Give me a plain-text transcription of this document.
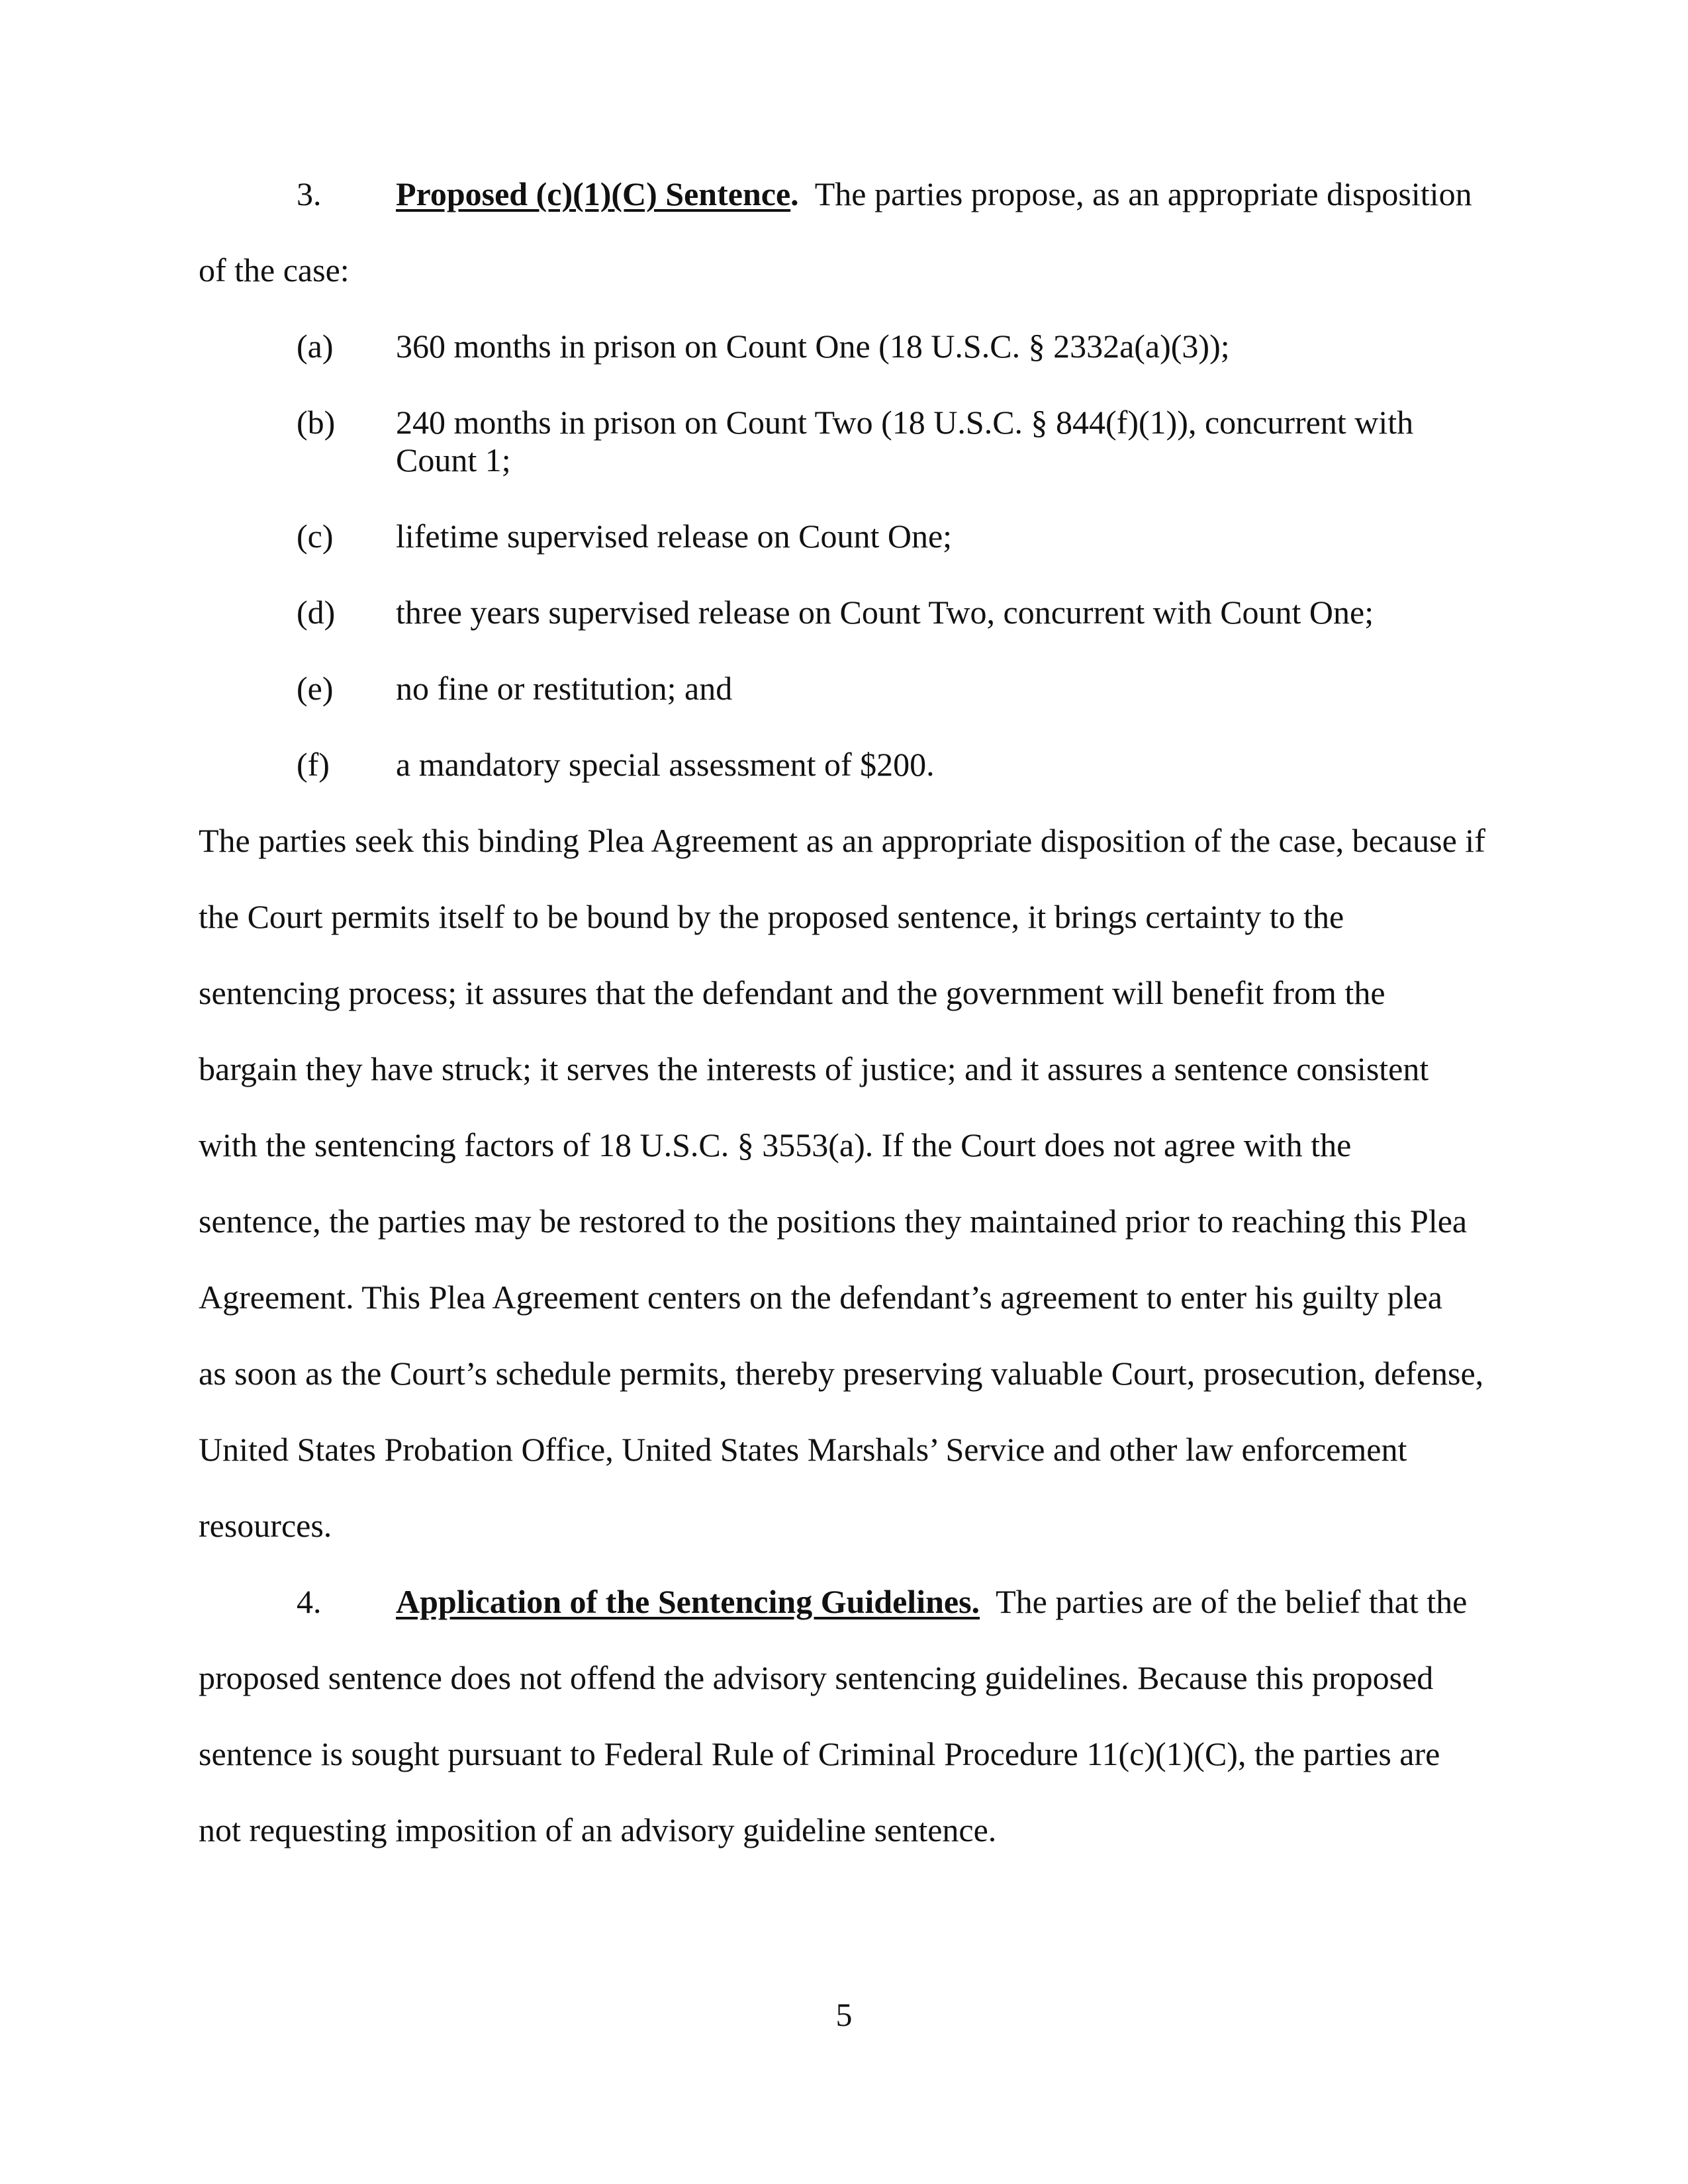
3. Proposed (c)(1)(C) Sentence. The parties propose, as an appropriate disposition
of the case:
(a) 360 months in prison on Count One (18 U.S.C. § 2332a(a)(3));
(b) 240 months in prison on Count Two (18 U.S.C. § 844(f)(1)), concurrent with
Count 1;
(c) lifetime supervised release on Count One;
(d) three years supervised release on Count Two, concurrent with Count One;
(e) no fine or restitution; and
(f) a mandatory special assessment of $200.
The parties seek this binding Plea Agreement as an appropriate disposition of the case, because if
the Court permits itself to be bound by the proposed sentence, it brings certainty to the
sentencing process; it assures that the defendant and the government will benefit from the
bargain they have struck; it serves the interests of justice; and it assures a sentence consistent
with the sentencing factors of 18 U.S.C. § 3553(a). If the Court does not agree with the
sentence, the parties may be restored to the positions they maintained prior to reaching this Plea
Agreement. This Plea Agreement centers on the defendant’s agreement to enter his guilty plea
as soon as the Court’s schedule permits, thereby preserving valuable Court, prosecution, defense,
United States Probation Office, United States Marshals’ Service and other law enforcement
resources.
4. Application of the Sentencing Guidelines. The parties are of the belief that the
proposed sentence does not offend the advisory sentencing guidelines. Because this proposed
sentence is sought pursuant to Federal Rule of Criminal Procedure 11(c)(1)(C), the parties are
not requesting imposition of an advisory guideline sentence.
5
